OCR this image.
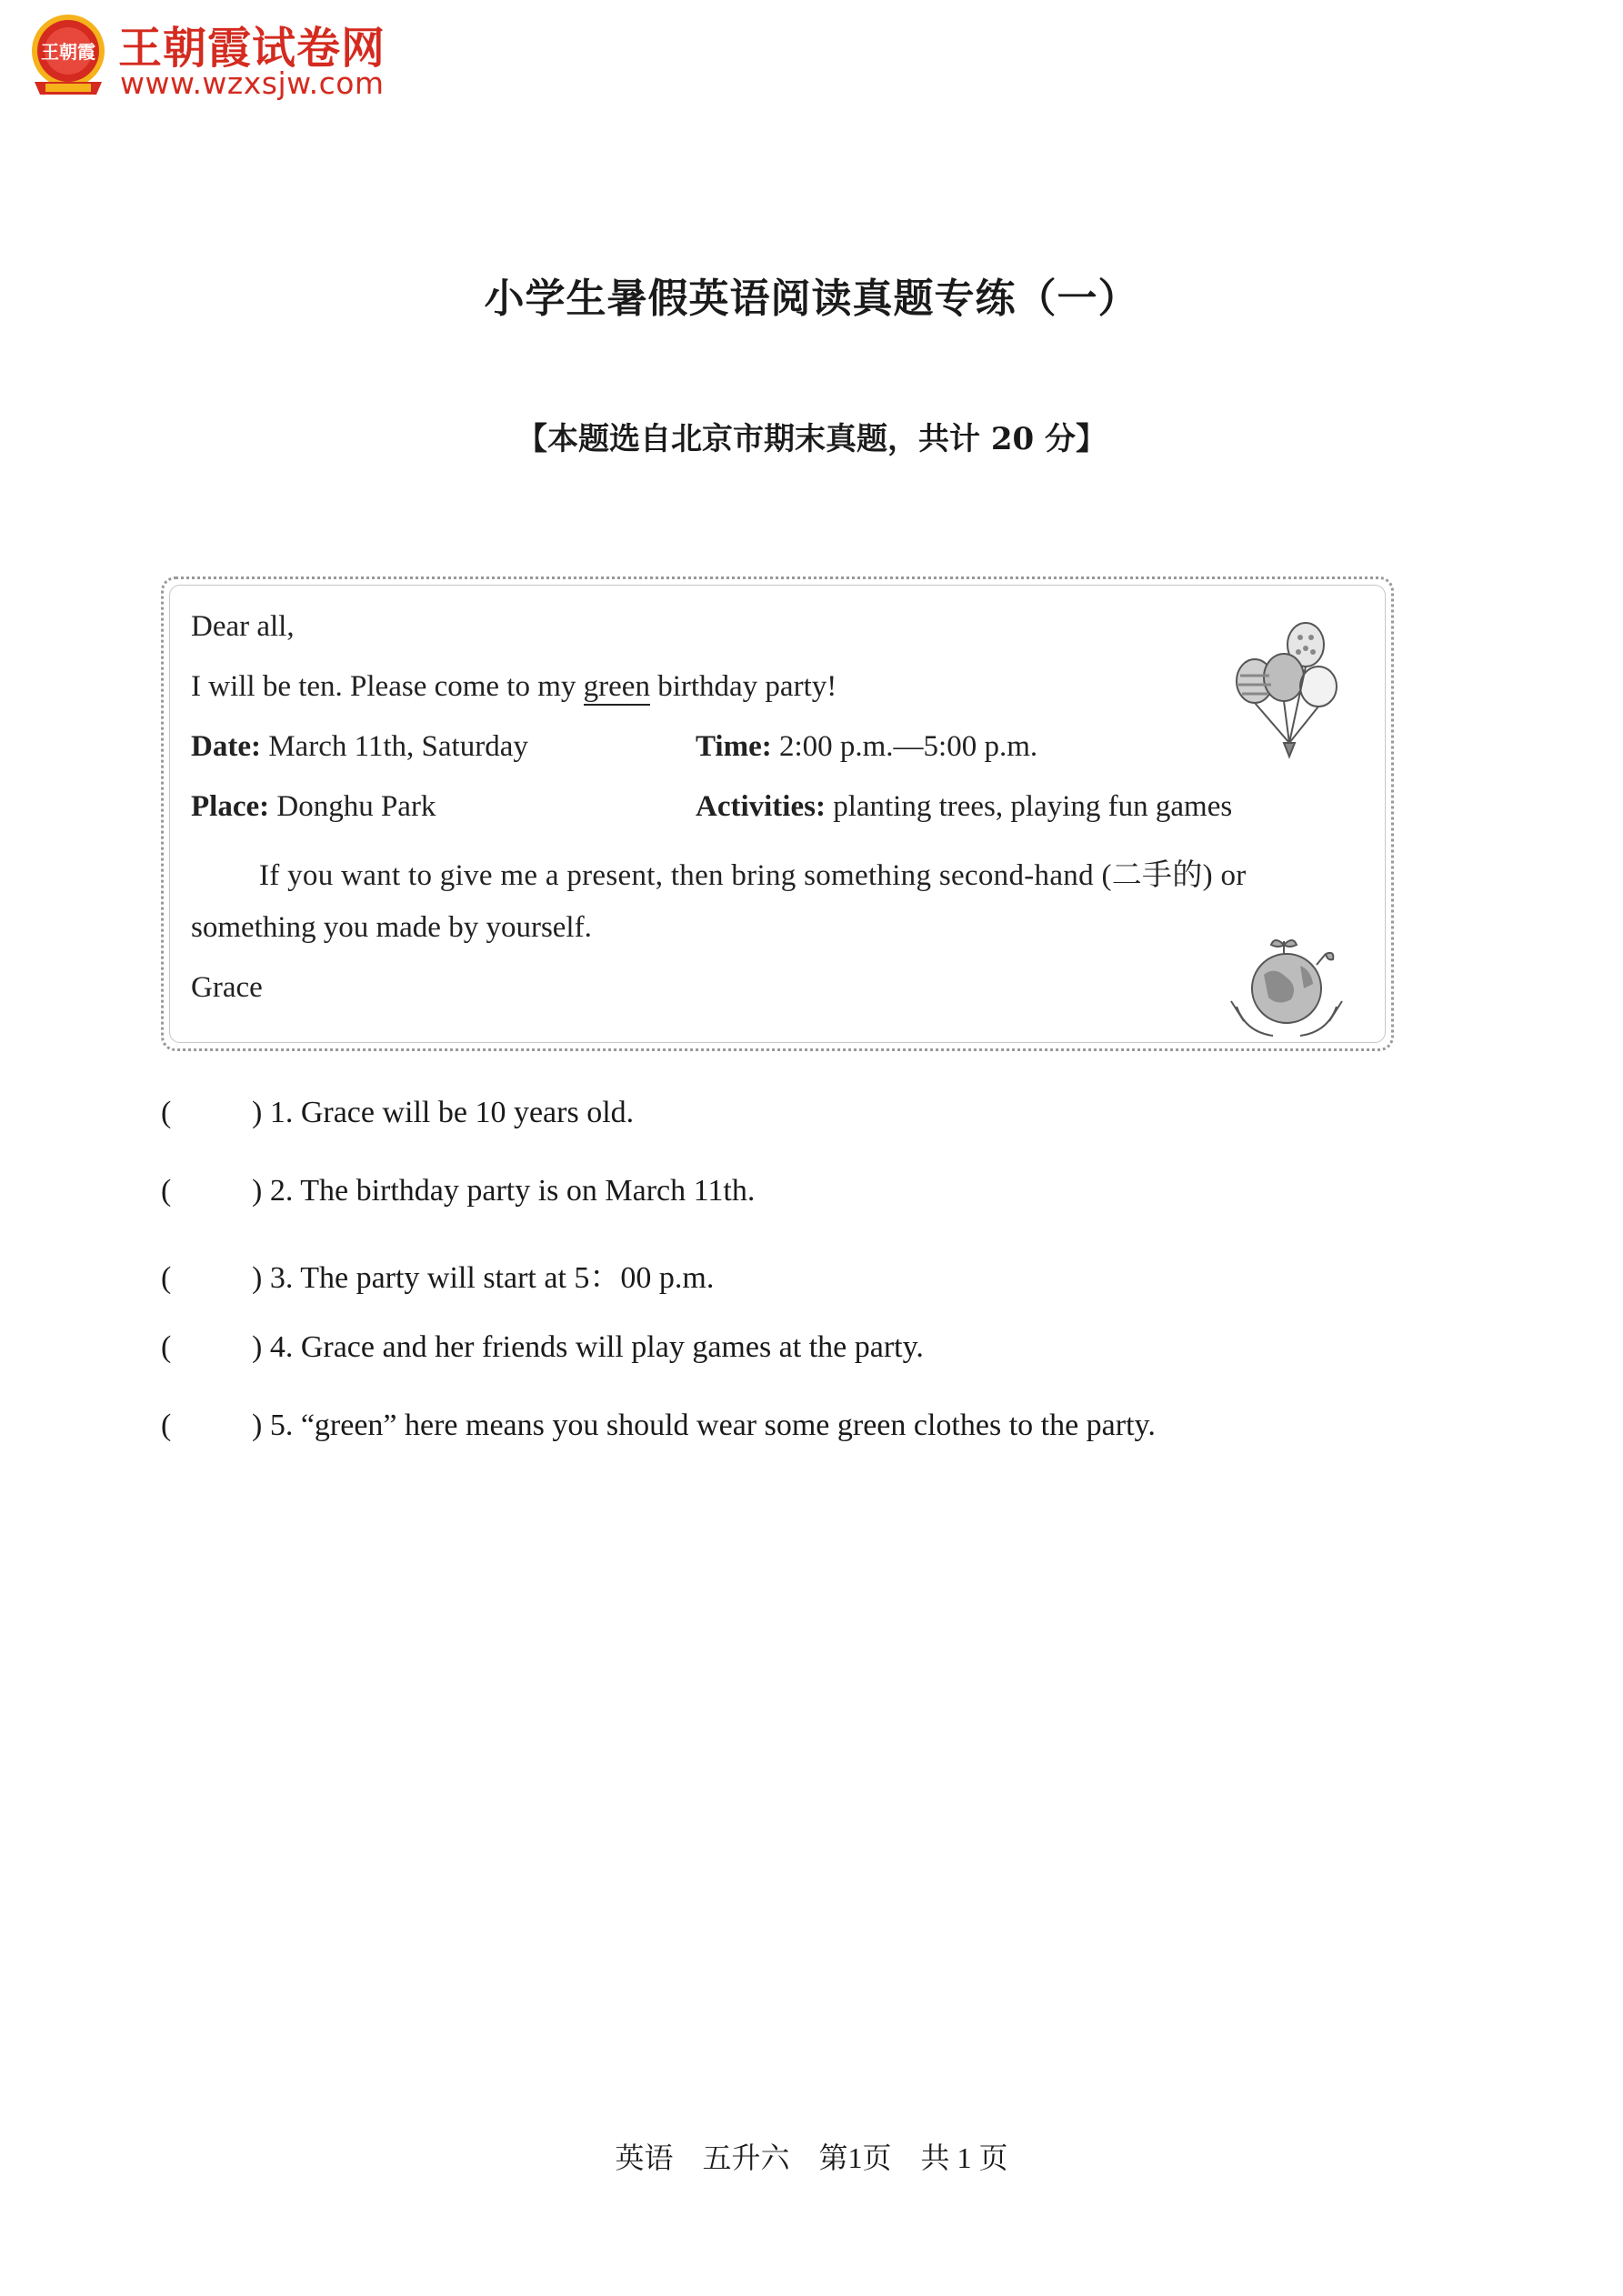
王朝霞 王朝霞试卷网
www.wzxsjw.com
小学生暑假英语阅读真题专练（一）
【本题选自北京市期末真题，共计 20 分】
Dear all,
I will be ten. Please come to my green birthday party!
Date: March 11th, Saturday	Time: 2:00 p.m.—5:00 p.m.
Place: Donghu Park	Activities: planting trees, playing fun games
If you want to give me a present, then bring something second-hand (二手的) or
something you made by yourself.
Grace
(	) 1. Grace will be 10 years old.
(	) 2. The birthday party is on March 11th.
(	) 3. The party will start at 5：00 p.m.
(	) 4. Grace and her friends will play games at the party.
(	) 5. “green” here means you should wear some green clothes to the party.
英语    五升六    第1页    共 1 页
